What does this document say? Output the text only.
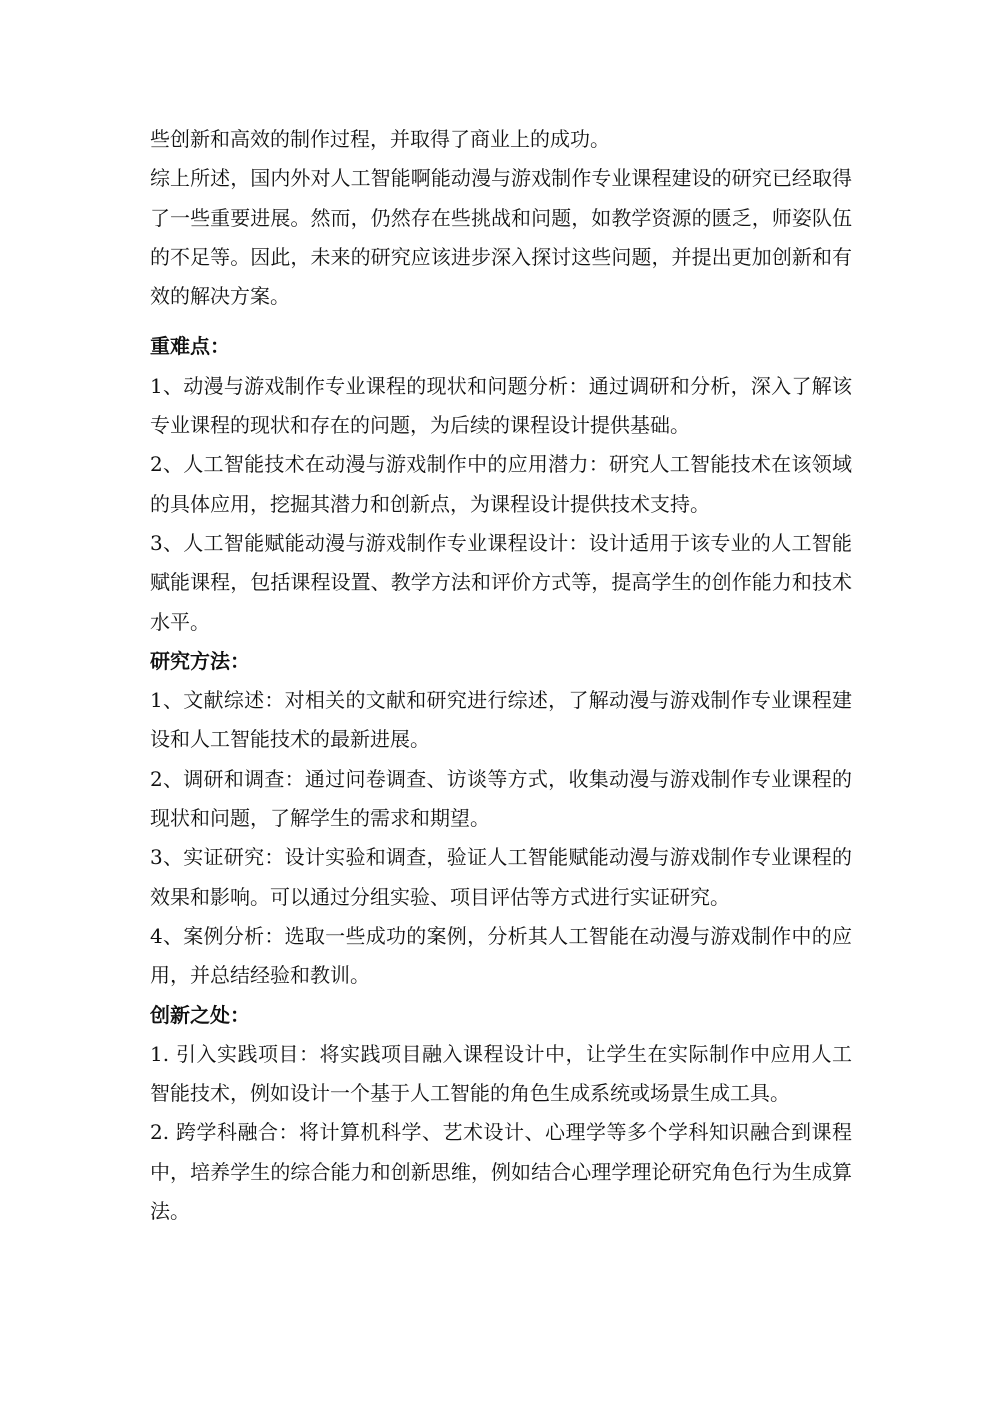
些创新和高效的制作过程，并取得了商业上的成功。

综上所述，国内外对人工智能啊能动漫与游戏制作专业课程建设的研究已经取得了一些重要进展。然而，仍然存在些挑战和问题，如教学资源的匮乏，师姿队伍的不足等。因此，未来的研究应该进步深入探讨这些问题，并提出更加创新和有效的解决方案。

重难点：

1、动漫与游戏制作专业课程的现状和问题分析：通过调研和分析，深入了解该专业课程的现状和存在的问题，为后续的课程设计提供基础。

2、人工智能技术在动漫与游戏制作中的应用潜力：研究人工智能技术在该领域的具体应用，挖掘其潜力和创新点，为课程设计提供技术支持。

3、人工智能赋能动漫与游戏制作专业课程设计：设计适用于该专业的人工智能赋能课程，包括课程设置、教学方法和评价方式等，提高学生的创作能力和技术水平。

研究方法：

1、文献综述：对相关的文献和研究进行综述，了解动漫与游戏制作专业课程建设和人工智能技术的最新进展。

2、调研和调查：通过问卷调查、访谈等方式，收集动漫与游戏制作专业课程的现状和问题，了解学生的需求和期望。

3、实证研究：设计实验和调查，验证人工智能赋能动漫与游戏制作专业课程的效果和影响。可以通过分组实验、项目评估等方式进行实证研究。

4、案例分析：选取一些成功的案例，分析其人工智能在动漫与游戏制作中的应用，并总结经验和教训。

创新之处：

1. 引入实践项目：将实践项目融入课程设计中，让学生在实际制作中应用人工智能技术，例如设计一个基于人工智能的角色生成系统或场景生成工具。

2. 跨学科融合：将计算机科学、艺术设计、心理学等多个学科知识融合到课程中，培养学生的综合能力和创新思维，例如结合心理学理论研究角色行为生成算法。
